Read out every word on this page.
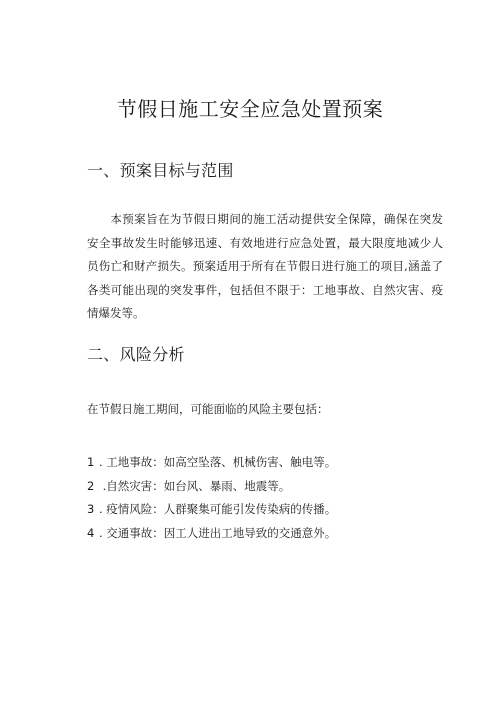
节假日施工安全应急处置预案
一、预案目标与范围

本预案旨在为节假日期间的施工活动提供安全保障，确保在突发安全事故发生时能够迅速、有效地进行应急处置，最大限度地减少人员伤亡和财产损失。预案适用于所有在节假日进行施工的项目,涵盖了各类可能出现的突发事件，包括但不限于：工地事故、自然灾害、疫情爆发等。

二、风险分析

在节假日施工期间，可能面临的风险主要包括：

1 . 工地事故：如高空坠落、机械伤害、触电等。
2 .自然灾害：如台风、暴雨、地震等。
3 . 疫情风险：人群聚集可能引发传染病的传播。
4 . 交通事故：因工人进出工地导致的交通意外。
